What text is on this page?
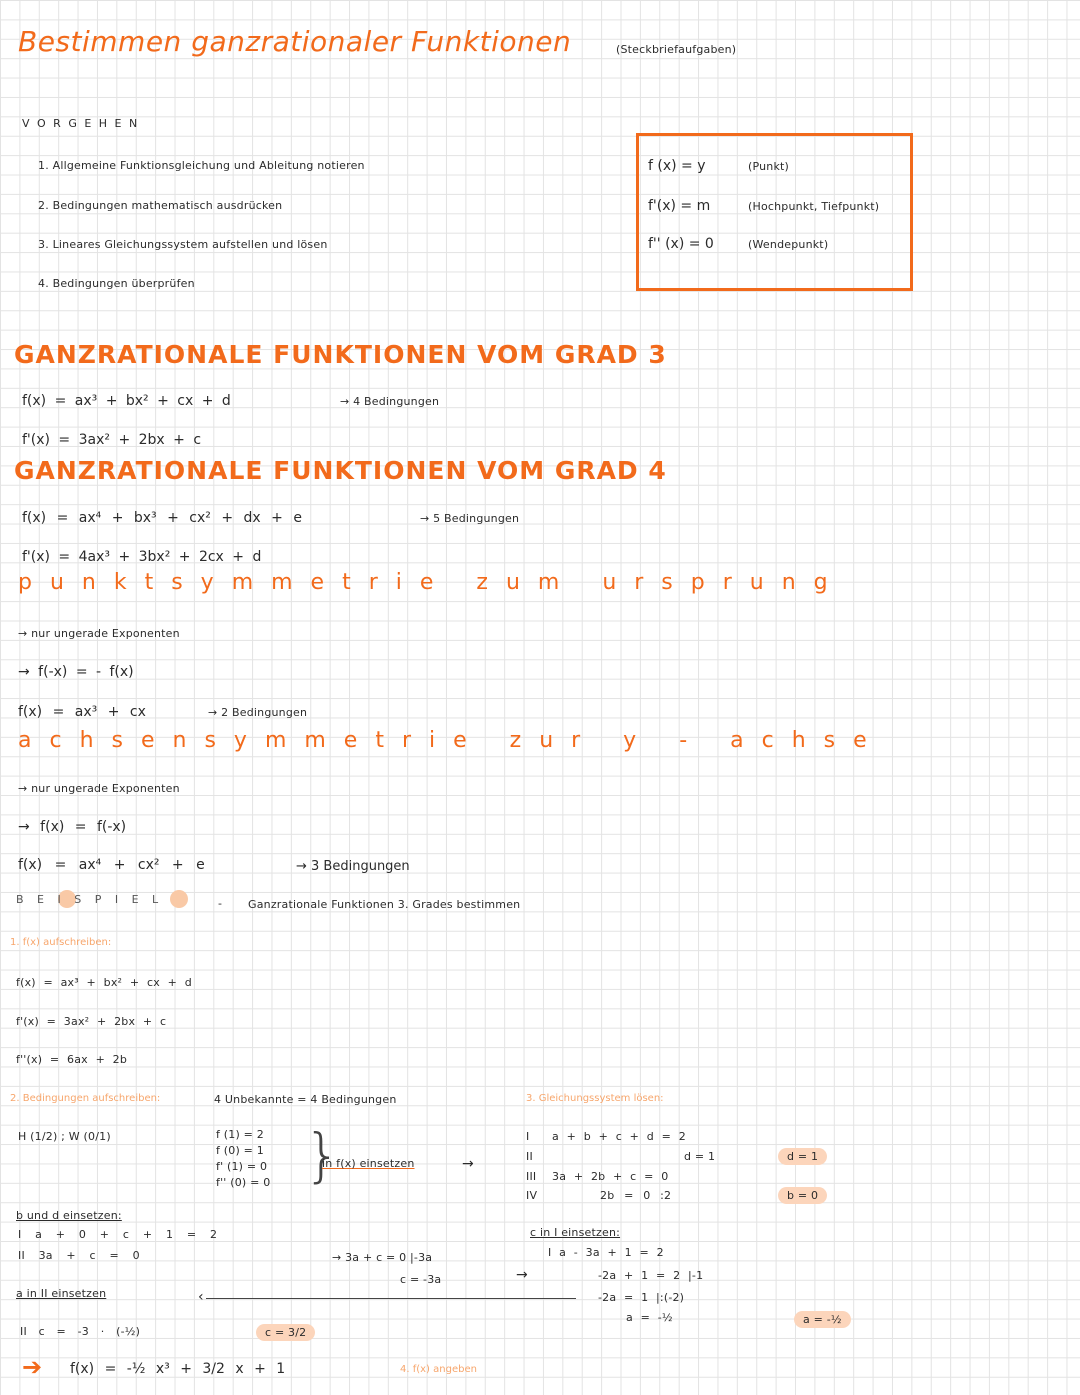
Bestimmen ganzrationaler Funktionen	(Steckbriefaufgaben)
V O R G E H E N
1. Allgemeine Funktionsgleichung und Ableitung notieren
2. Bedingungen mathematisch ausdrücken
3. Lineares Gleichungssystem aufstellen und lösen
4. Bedingungen überprüfen
f (x) = y	(Punkt)
f'(x) = m	(Hochpunkt, Tiefpunkt)
f'' (x) = 0	(Wendepunkt)
GANZRATIONALE FUNKTIONEN VOM GRAD 3
f(x) = ax³ + bx² + cx + d	→ 4 Bedingungen
f'(x) = 3ax² + 2bx + c
GANZRATIONALE FUNKTIONEN VOM GRAD 4
f(x) = ax⁴ + bx³ + cx² + dx + e	→ 5 Bedingungen
f'(x) = 4ax³ + 3bx² + 2cx + d
punktsymmetrie zum ursprung
→ nur ungerade Exponenten
→ f(-x) = - f(x)
f(x) = ax³ + cx	→ 2 Bedingungen
achsensymmetrie zur y - achse
→ nur ungerade Exponenten
→ f(x) = f(-x)
f(x) = ax⁴ + cx² + e	→ 3 Bedingungen
B E I S P I E L	- Ganzrationale Funktionen 3. Grades bestimmen
1. f(x) aufschreiben:
f(x) = ax³ + bx² + cx + d
f'(x) = 3ax² + 2bx + c
f''(x) = 6ax + 2b
2. Bedingungen aufschreiben:	4 Unbekannte = 4 Bedingungen
H (1/2) ; W (0/1)	f (1) = 2
f (0) = 1
f' (1) = 0
f'' (0) = 0 }
in f(x) einsetzen	→
3. Gleichungssystem lösen:
I a + b + c + d = 2
II	d = 1
III 3a + 2b + c = 0
IV	2b = 0 :2
d = 1
b = 0
b und d einsetzen:
I a + 0 + c + 1 = 2
II 3a + c = 0	→ 3a + c = 0 |-3a
c = -3a
c in I einsetzen:
I a - 3a + 1 = 2
-2a + 1 = 2 |-1
-2a = 1 |:(-2)
a = -½	a = -½
→
a in II einsetzen	‹
II c = -3 · (-½)	c = 3/2
➔ f(x) = -½ x³ + 3/2 x + 1	4. f(x) angeben
